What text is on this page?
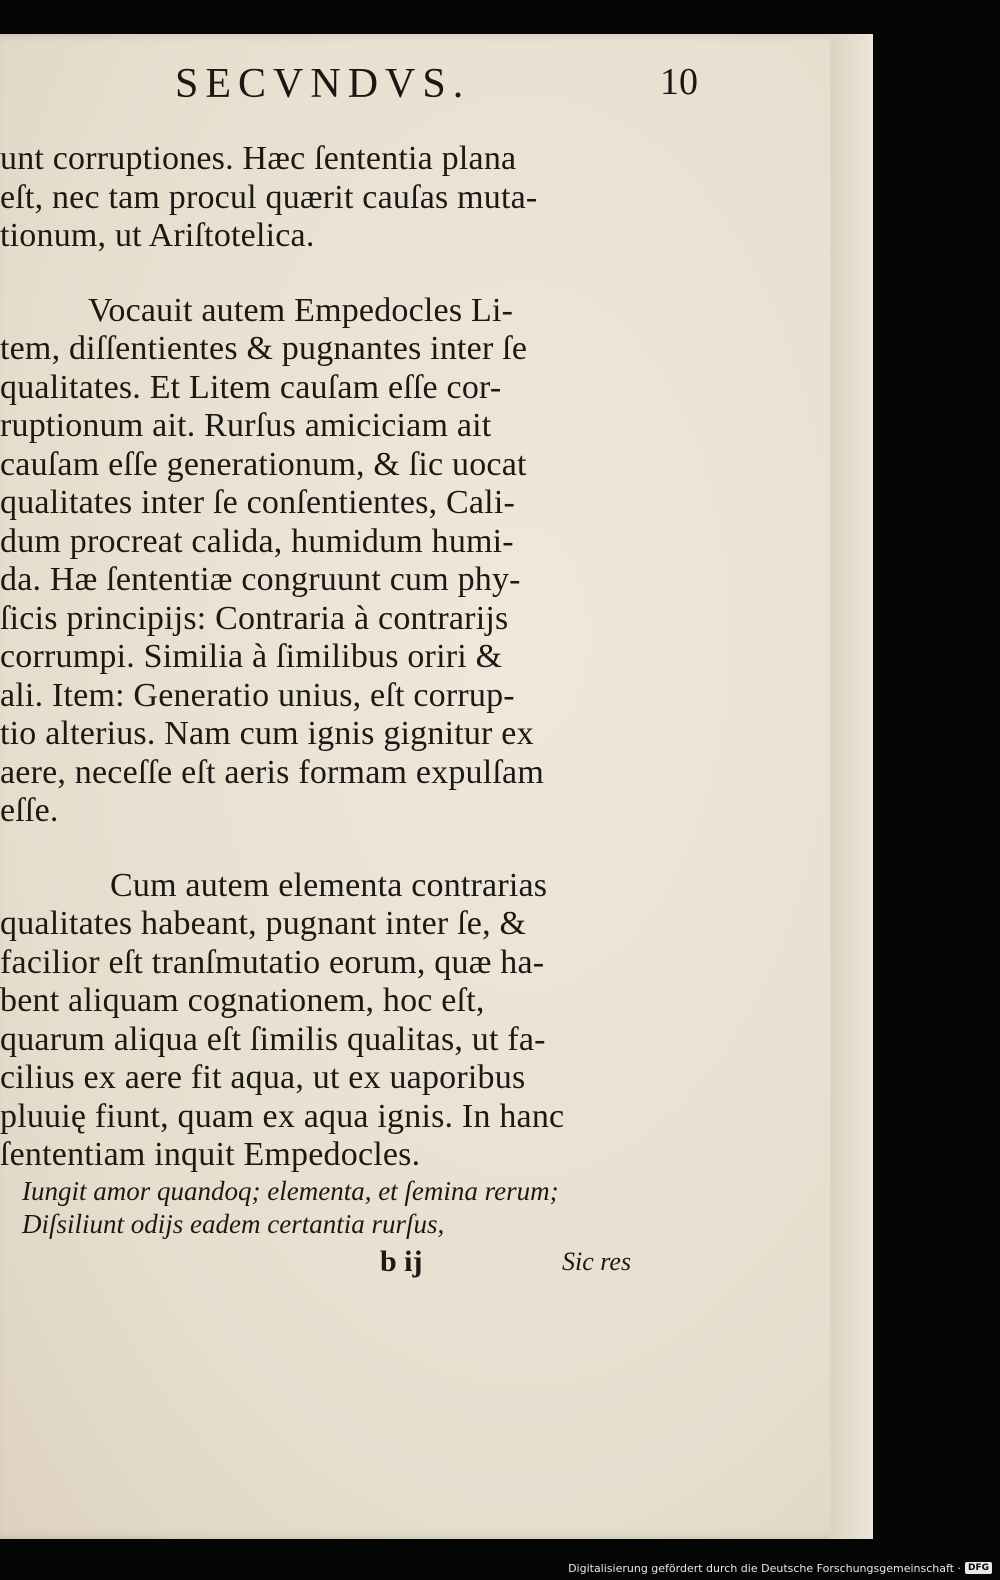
SECVNDVS.	10
unt corruptiones. Hæc ſententia plana
eſt, nec tam procul quærit cauſas muta-
tionum, ut Ariſtotelica.
Vocauit autem Empedocles Li-
tem, diſſentientes & pugnantes inter ſe
qualitates. Et Litem cauſam eſſe cor-
ruptionum ait. Rurſus amiciciam ait
cauſam eſſe generationum, & ſic uocat
qualitates inter ſe conſentientes, Cali-
dum procreat calida, humidum humi-
da. Hæ ſententiæ congruunt cum phy-
ſicis principijs: Contraria à contrarijs
corrumpi. Similia à ſimilibus oriri &
ali. Item: Generatio unius, eſt corrup-
tio alterius. Nam cum ignis gignitur ex
aere, neceſſe eſt aeris formam expulſam
eſſe.
Cum autem elementa contrarias
qualitates habeant, pugnant inter ſe, &
facilior eſt tranſmutatio eorum, quæ ha-
bent aliquam cognationem, hoc eſt,
quarum aliqua eſt ſimilis qualitas, ut fa-
cilius ex aere fit aqua, ut ex uaporibus
pluuię fiunt, quam ex aqua ignis. In hanc
ſententiam inquit Empedocles.
Iungit amor quandoq; elementa, et ſemina rerum;
Diſsiliunt odijs eadem certantia rurſus,
b ij	Sic res
Digitalisierung gefördert durch die Deutsche Forschungsgemeinschaft · DFG
